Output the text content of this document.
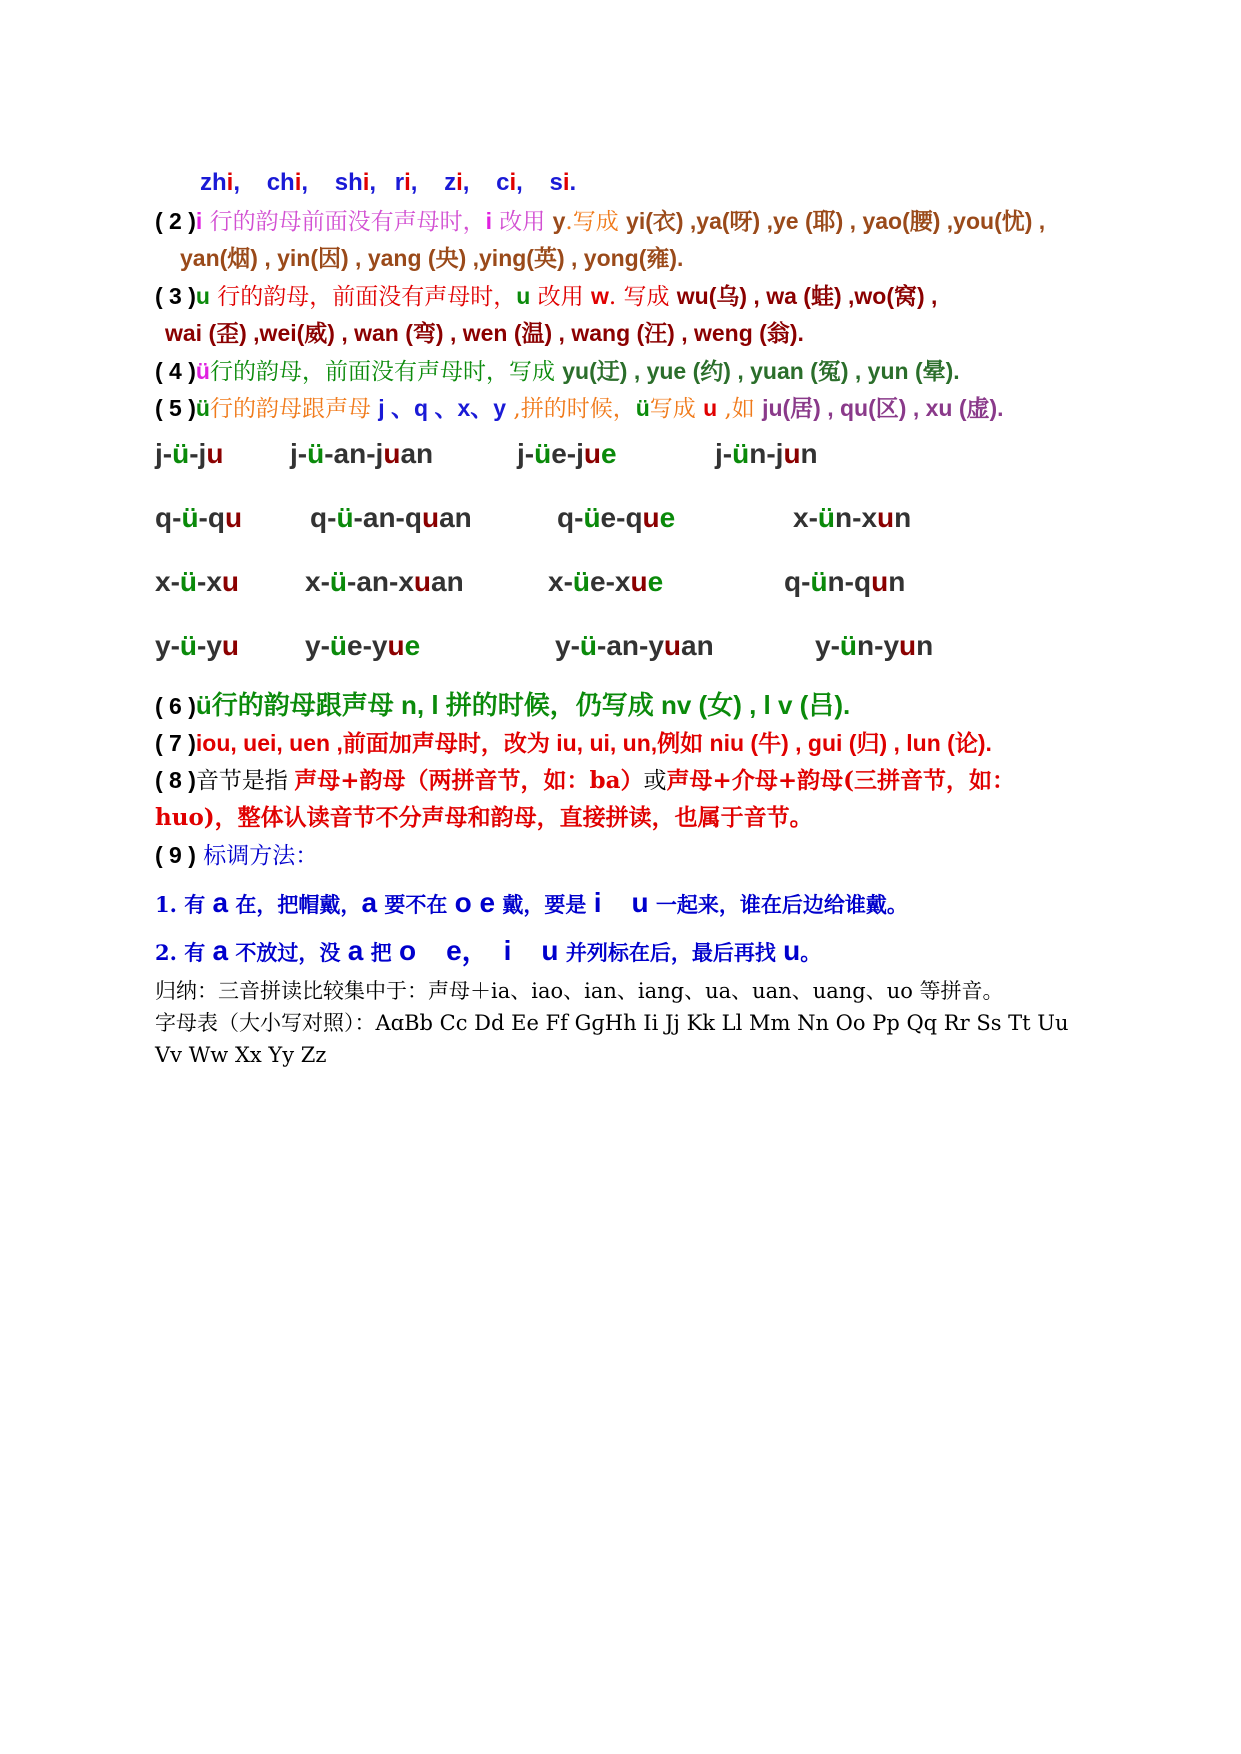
zhi, chi, shi, ri, zi, ci, si.
( 2 )i 行的韵母前面没有声母时，i 改用 y.写成 yi(衣) ,ya(呀) ,ye (耶) , yao(腰) ,you(忧) ,
yan(烟) , yin(因) , yang (央) ,ying(英) , yong(雍).
( 3 )u 行的韵母，前面没有声母时，u 改用 w. 写成 wu(乌) , wa (蛙) ,wo(窝) ,
wai (歪) ,wei(威) , wan (弯) , wen (温) , wang (汪) , weng (翁).
( 4 )ü行的韵母，前面没有声母时，写成 yu(迂) , yue (约) , yuan (冤) , yun (晕).
( 5 )ü行的韵母跟声母 j 、q 、x、y ,拼的时候，ü写成 u ,如 ju(居) , qu(区) , xu (虚).
j-ü-ju j-ü-an-juan	j-üe-jue	j-ün-jun
q-ü-qu q-ü-an-quan	q-üe-que	x-ün-xun
x-ü-xu x-ü-an-xuan	x-üe-xue	q-ün-qun
y-ü-yu y-üe-yue	y-ü-an-yuan	y-ün-yun
( 6 )ü行的韵母跟声母 n, l 拼的时候，仍写成 nv (女) , l v (吕).
( 7 )iou, uei, uen ,前面加声母时，改为 iu, ui, un,例如 niu (牛) , gui (归) , lun (论).
( 8 )音节是指 声母+韵母（两拼音节，如：ba）或声母+介母+韵母(三拼音节，如：
huo)，整体认读音节不分声母和韵母，直接拼读，也属于音节。
( 9 ) 标调方法：
1. 有 a 在，把帽戴，a 要不在 o e 戴，要是 i u 一起来，谁在后边给谁戴。
2. 有 a 不放过，没 a 把 o e， i u 并列标在后，最后再找 u。
归纳：三音拼读比较集中于：声母＋ia、iao、ian、iang、ua、uan、uang、uo 等拼音。
字母表（大小写对照）：AɑBb Cc Dd Ee Ff GɡHh Ii Jj Kk Ll Mm Nn Oo Pp Qq Rr Ss Tt Uu
Vv Ww Xx Yy Zz
